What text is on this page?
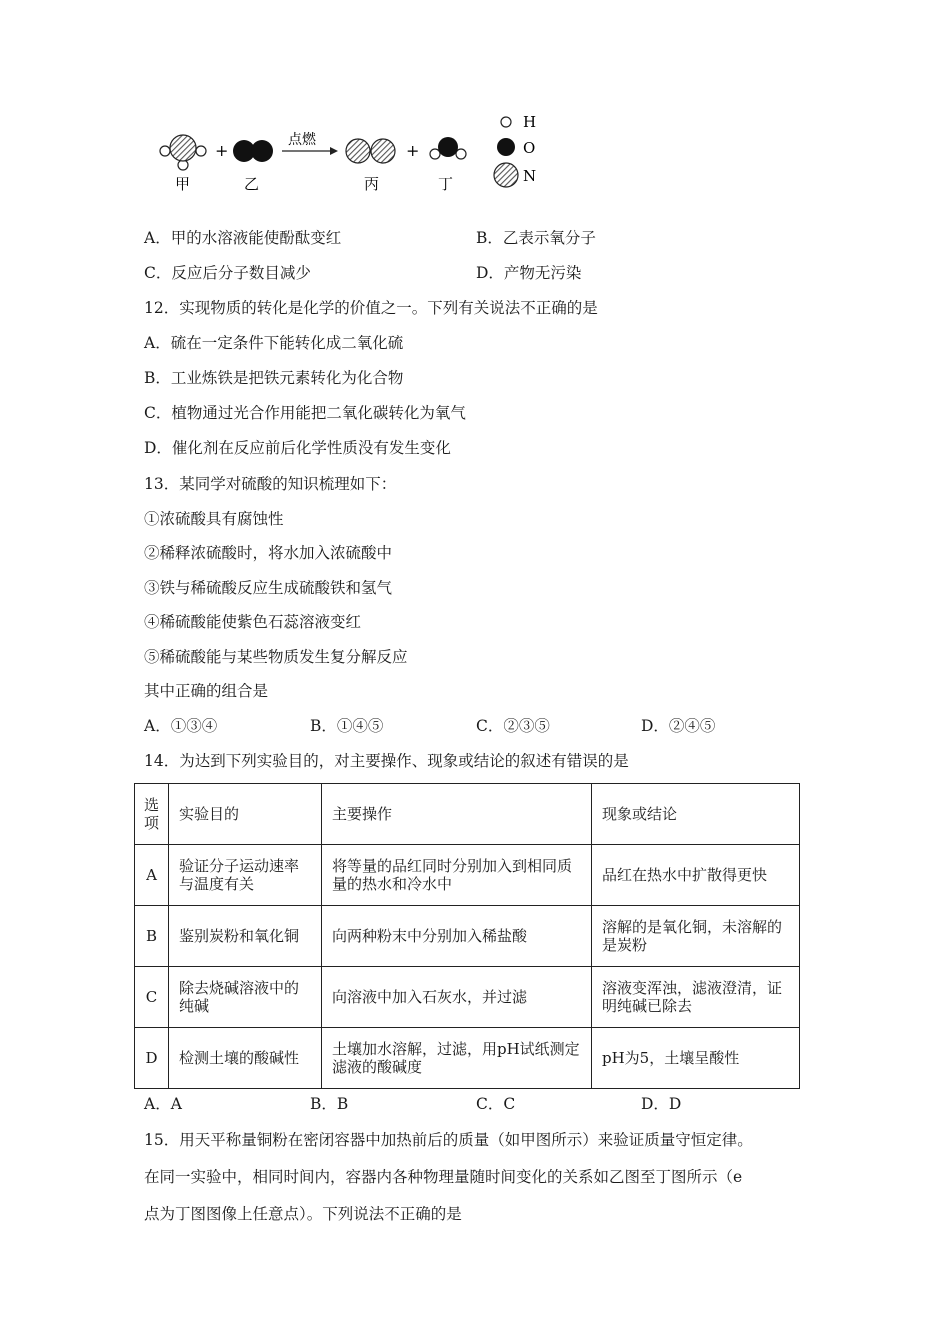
+
点燃
+
甲	乙	丙	丁
H
O
N
A．甲的水溶液能使酚酞变红	B．乙表示氧分子
C．反应后分子数目减少	D．产物无污染
12．实现物质的转化是化学的价值之一。下列有关说法不正确的是
A．硫在一定条件下能转化成二氧化硫
B．工业炼铁是把铁元素转化为化合物
C．植物通过光合作用能把二氧化碳转化为氧气
D．催化剂在反应前后化学性质没有发生变化
13．某同学对硫酸的知识梳理如下：
①浓硫酸具有腐蚀性
②稀释浓硫酸时，将水加入浓硫酸中
③铁与稀硫酸反应生成硫酸铁和氢气
④稀硫酸能使紫色石蕊溶液变红
⑤稀硫酸能与某些物质发生复分解反应
其中正确的组合是
A．①③④	B．①④⑤	C．②③⑤	D．②④⑤
14．为达到下列实验目的，对主要操作、现象或结论的叙述有错误的是
选项	实验目的	主要操作	现象或结论
A	验证分子运动速率与温度有关	将等量的品红同时分别加入到相同质量的热水和冷水中	品红在热水中扩散得更快
B	鉴别炭粉和氧化铜	向两种粉末中分别加入稀盐酸	溶解的是氧化铜，未溶解的是炭粉
C	除去烧碱溶液中的纯碱	向溶液中加入石灰水，并过滤	溶液变浑浊，滤液澄清，证明纯碱已除去
D	检测土壤的酸碱性	土壤加水溶解，过滤，用pH试纸测定滤液的酸碱度	pH为5，土壤呈酸性
A．A	B．B	C．C	D．D
15．用天平称量铜粉在密闭容器中加热前后的质量（如甲图所示）来验证质量守恒定律。
在同一实验中，相同时间内，容器内各种物理量随时间变化的关系如乙图至丁图所示（e
点为丁图图像上任意点）。下列说法不正确的是
